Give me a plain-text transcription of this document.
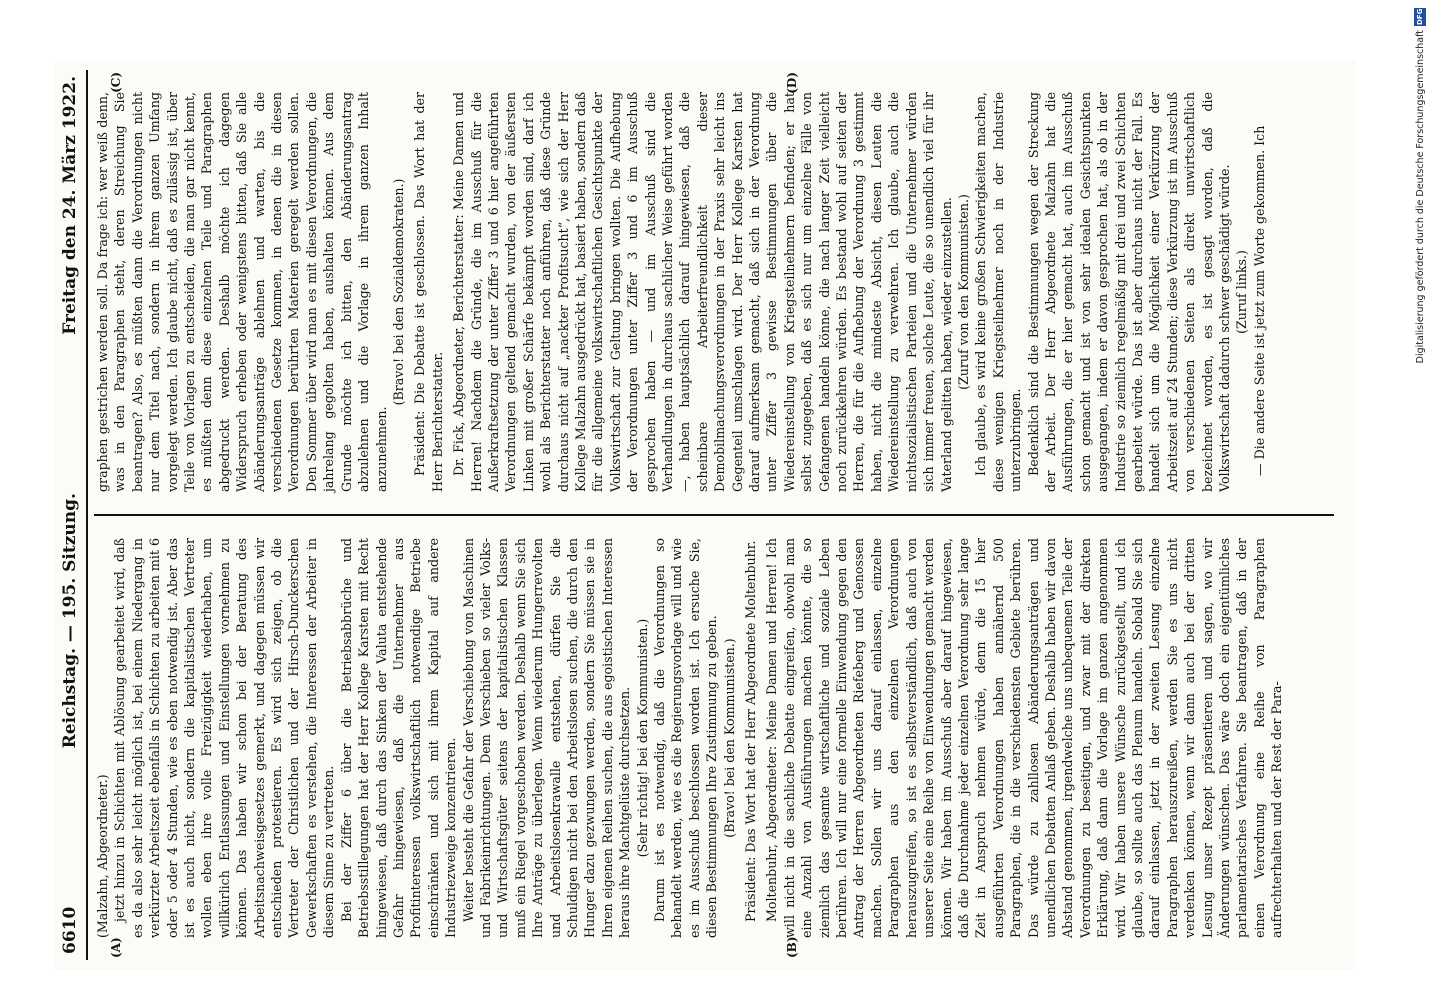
6610
Reichstag. — 195. Sitzung.
Freitag den 24. März 1922.
(A)	(B)

(Malzahn, Abgeordneter.) jetzt hinzu in Schichten mit Ablösung gearbeitet wird, daß es da also sehr leicht möglich ist, bei einem Niedergang in verkürzter Arbeitszeit ebenfalls in Schichten zu arbeiten mit 6 oder 5 oder 4 Stunden, wie es eben notwendig ist. Aber das ist es auch nicht, sondern die kapitalistischen Vertreter wollen eben ihre volle Freizügigkeit wiederhaben, um willkürlich Entlassungen und Einstellungen vornehmen zu können. Das haben wir schon bei der Beratung des Arbeitsnachweisgesetzes gemerkt, und dagegen müssen wir entschieden protestieren. Es wird sich zeigen, ob die Vertreter der Christlichen und der Hirsch-Dunckerschen Gewerkschaften es verstehen, die Interessen der Arbeiter in diesem Sinne zu vertreten. Bei der Ziffer 6 über die Betriebsabbrüche und Betriebsstillegungen hat der Herr Kollege Karsten mit Recht hingewiesen, daß durch das Sinken der Valuta entstehende Gefahr hingewiesen, daß die Unternehmer aus Profitinteressen volkswirtschaftlich notwendige Betriebe einschränken und sich mit ihrem Kapital auf andere Industriezweige konzentrieren. Weiter besteht die Gefahr der Verschiebung von Maschinen und Fabrikeinrichtungen. Dem Verschieben so vieler Volks- und Wirtschaftsgüter seitens der kapitalistischen Klassen muß ein Riegel vorgeschoben werden. Deshalb wenn Sie sich Ihre Anträge zu überlegen. Wenn wiederum Hungerrevolten und Arbeitslosenkrawalle entstehen, dürfen Sie die Schuldigen nicht bei den Arbeitslosen suchen, die durch den Hunger dazu gezwungen werden, sondern Sie müssen sie in Ihren eigenen Reihen suchen, die aus egoistischen Interessen heraus ihre Machtgelüste durchsetzen. (Sehr richtig! bei den Kommunisten.) Darum ist es notwendig, daß die Verordnungen so behandelt werden, wie es die Regierungsvorlage will und wie es im Ausschuß beschlossen worden ist. Ich ersuche Sie, diesen Bestimmungen Ihre Zustimmung zu geben. (Bravo! bei den Kommunisten.) Präsident: Das Wort hat der Herr Abgeordnete Moltenbuhr. Moltenbuhr, Abgeordneter: Meine Damen und Herren! Ich will nicht in die sachliche Debatte eingreifen, obwohl man eine Anzahl von Ausführungen machen könnte, die so ziemlich das gesamte wirtschaftliche und soziale Leben berühren. Ich will nur eine formelle Einwendung gegen den Antrag der Herren Abgeordneten Riefeberg und Genossen machen. Sollen wir uns darauf einlassen, einzelne Paragraphen aus den einzelnen Verordnungen herauszugreifen, so ist es selbstverständlich, daß auch von unserer Seite eine Reihe von Einwendungen gemacht werden können. Wir haben im Ausschuß aber darauf hingewiesen, daß die Durchnahme jeder einzelnen Verordnung sehr lange Zeit in Anspruch nehmen würde, denn die 15 hier ausgeführten Verordnungen haben annähernd 500 Paragraphen, die in die verschiedensten Gebiete berühren. Das würde zu zahllosen Abänderungsanträgen und unendlichen Debatten Anlaß geben. Deshalb haben wir davon Abstand genommen, irgendwelche uns unbequemen Teile der Verordnungen zu beseitigen, und zwar mit der direkten Erklärung, daß dann die Vorlage im ganzen angenommen wird. Wir haben unsere Wünsche zurückgestellt, und ich glaube, so sollte auch das Plenum handeln. Sobald Sie sich darauf einlassen, jetzt in der zweiten Lesung einzelne Paragraphen herauszureißen, werden Sie es uns nicht verdenken können, wenn wir dann auch bei der dritten Lesung unser Rezept präsentieren und sagen, wo wir Änderungen wünschen. Das wäre doch ein eigentümliches parlamentarisches Verfahren. Sie beantragen, daß in der einen Verordnung eine Reihe von Paragraphen aufrechterhalten und der Rest der Para-

(C)	(D)

graphen gestrichen werden soll. Da frage ich: wer weiß denn, was in den Paragraphen steht, deren Streichung Sie beantragen? Also, es müßten dann die Verordnungen nicht nur dem Titel nach, sondern in ihrem ganzen Umfang vorgelegt werden. Ich glaube nicht, daß es zulässig ist, über Teile von Vorlagen zu entscheiden, die man gar nicht kennt, es müßten denn diese einzelnen Teile und Paragraphen abgedruckt werden. Deshalb möchte ich dagegen Widerspruch erheben oder wenigstens bitten, daß Sie alle Abänderungsanträge ablehnen und warten, bis die verschiedenen Gesetze kommen, in denen die in diesen Verordnungen berührten Materien geregelt werden sollen. Den Sommer über wird man es mit diesen Verordnungen, die jahrelang gegolten haben, aushalten können. Aus dem Grunde möchte ich bitten, den Abänderungsantrag abzulehnen und die Vorlage in ihrem ganzen Inhalt anzunehmen.

(Bravo! bei den Sozialdemokraten.) Präsident: Die Debatte ist geschlossen. Das Wort hat der Herr Berichterstatter. Dr. Fick, Abgeordneter, Berichterstatter: Meine Damen und Herren! Nachdem die Gründe, die im Ausschuß für die Außerkraftsetzung der unter Ziffer 3 und 6 hier angeführten Verordnungen geltend gemacht wurden, von der äußersten Linken mit großer Schärfe bekämpft worden sind, darf ich wohl als Berichterstatter noch anführen, daß diese Gründe durchaus nicht auf „nackter Profitsucht“, wie sich der Herr Kollege Malzahn ausgedrückt hat, basiert haben, sondern daß für die allgemeine volkswirtschaftlichen Gesichtspunkte der Volkswirtschaft zur Geltung bringen wollten. Die Aufhebung der Verordnungen unter Ziffer 3 und 6 im Ausschuß gesprochen haben — und im Ausschuß sind die Verhandlungen in durchaus sachlicher Weise geführt worden —, haben hauptsächlich darauf hingewiesen, daß die scheinbare Arbeiterfreundlichkeit dieser Demobilmachungsverordnungen in der Praxis sehr leicht ins Gegenteil umschlagen wird. Der Herr Kollege Karsten hat darauf aufmerksam gemacht, daß sich in der Verordnung unter Ziffer 3 gewisse Bestimmungen über die Wiedereinstellung von Kriegsteilnehmern befinden; er hat selbst zugegeben, daß es sich nur um einzelne Fälle von Gefangenen handeln könne, die nach langer Zeit vielleicht noch zurückkehren würden. Es bestand wohl auf seiten der Herren, die für die Aufhebung der Verordnung 3 gestimmt haben, nicht die mindeste Absicht, diesen Leuten die Wiedereinstellung zu verwehren. Ich glaube, auch die nichtsozialistischen Parteien und die Unternehmer würden sich immer freuen, solche Leute, die so unendlich viel für ihr Vaterland gelitten haben, wieder einzustellen. (Zuruf von den Kommunisten.) Ich glaube, es wird keine großen Schwierigkeiten machen, diese wenigen Kriegsteilnehmer noch in der Industrie unterzubringen. Bedenklich sind die Bestimmungen wegen der Streckung der Arbeit. Der Herr Abgeordnete Malzahn hat die Ausführungen, die er hier gemacht hat, auch im Ausschuß schon gemacht und ist von sehr idealen Gesichtspunkten ausgegangen, indem er davon gesprochen hat, als ob in der Industrie so ziemlich regelmäßig mit drei und zwei Schichten gearbeitet würde. Das ist aber durchaus nicht der Fall. Es handelt sich um die Möglichkeit einer Verkürzung der Arbeitszeit auf 24 Stunden; diese Verkürzung ist im Ausschuß von verschiedenen Seiten als direkt unwirtschaftlich bezeichnet worden, es ist gesagt worden, daß die Volkswirtschaft dadurch schwer geschädigt würde. (Zuruf links.) — Die andere Seite ist jetzt zum Worte gekommen. Ich

DFG
Digitalisierung gefördert durch die Deutsche Forschungsgemeinschaft
